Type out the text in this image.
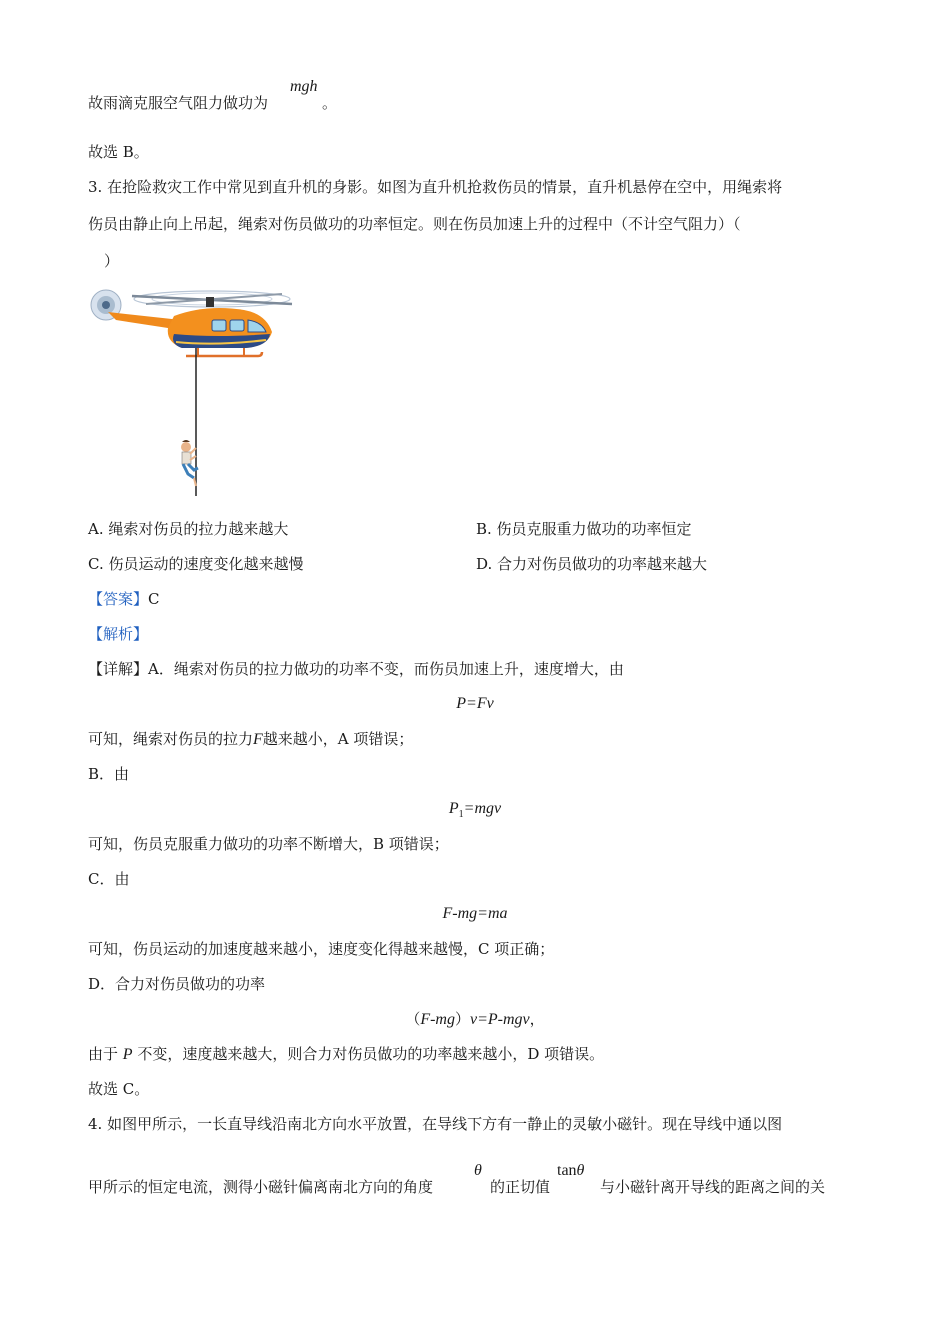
故雨滴克服空气阻力做功为
mgh
。
故选 B。
3. 在抢险救灾工作中常见到直升机的身影。如图为直升机抢救伤员的情景，直升机悬停在空中，用绳索将
伤员由静止向上吊起，绳索对伤员做功的功率恒定。则在伤员加速上升的过程中（不计空气阻力）（
）
A. 绳索对伤员的拉力越来越大	B. 伤员克服重力做功的功率恒定
C. 伤员运动的速度变化越来越慢	D. 合力对伤员做功的功率越来越大
【答案】C
【解析】
【详解】A．绳索对伤员的拉力做功的功率不变，而伤员加速上升，速度增大，由
P=Fv
可知，绳索对伤员的拉力F越来越小，A 项错误；
B．由
$P_1=mgv$
可知，伤员克服重力做功的功率不断增大，B 项错误；
C．由
F-mg=ma
可知，伤员运动的加速度越来越小，速度变化得越来越慢，C 项正确；
D．合力对伤员做功的功率
（F-mg）v=P-mgv，
由于 P 不变，速度越来越大，则合力对伤员做功的功率越来越小，D 项错误。
故选 C。
4. 如图甲所示，一长直导线沿南北方向水平放置，在导线下方有一静止的灵敏小磁针。现在导线中通以图
甲所示的恒定电流，测得小磁针偏离南北方向的角度
θ
的正切值
tanθ
与小磁针离开导线的距离之间的关
